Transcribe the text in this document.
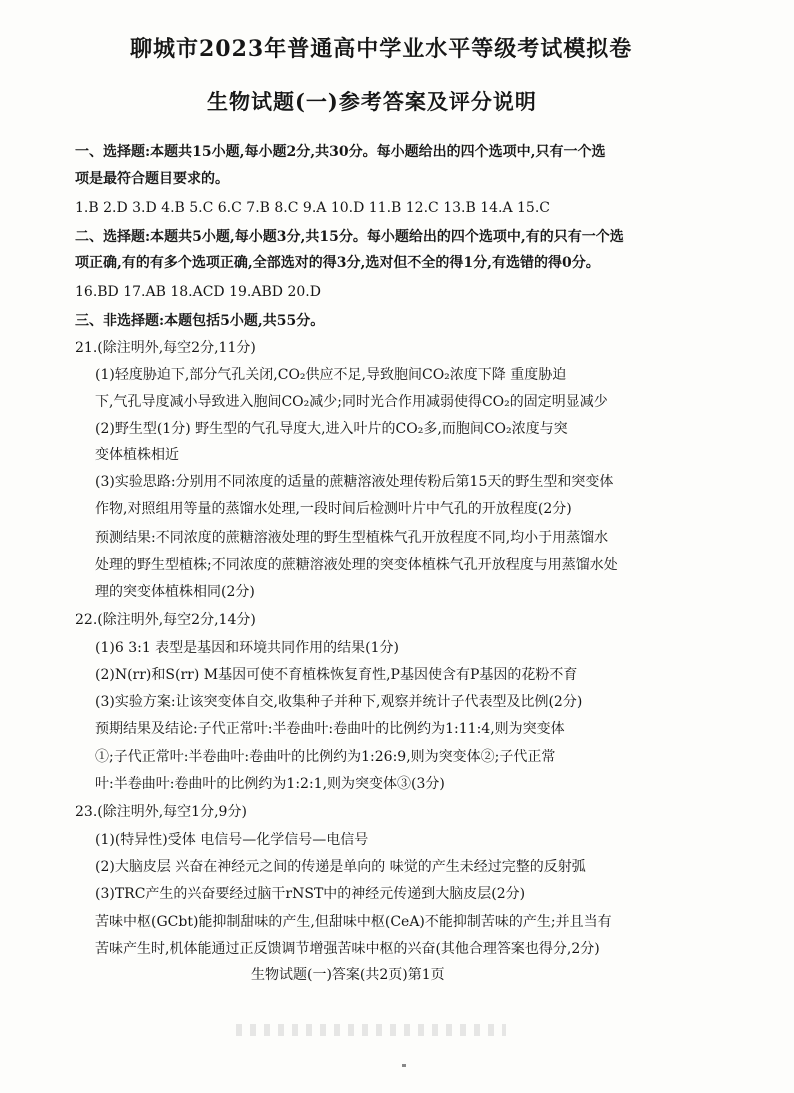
聊城市2023年普通高中学业水平等级考试模拟卷
生物试题(一)参考答案及评分说明
一、选择题:本题共15小题,每小题2分,共30分。每小题给出的四个选项中,只有一个选
项是最符合题目要求的。
1.B 2.D 3.D 4.B 5.C 6.C 7.B 8.C 9.A 10.D 11.B 12.C 13.B 14.A 15.C
二、选择题:本题共5小题,每小题3分,共15分。每小题给出的四个选项中,有的只有一个选
项正确,有的有多个选项正确,全部选对的得3分,选对但不全的得1分,有选错的得0分。
16.BD 17.AB 18.ACD 19.ABD 20.D
三、非选择题:本题包括5小题,共55分。
21.(除注明外,每空2分,11分)
(1)轻度胁迫下,部分气孔关闭,CO₂供应不足,导致胞间CO₂浓度下降 重度胁迫
下,气孔导度减小导致进入胞间CO₂减少;同时光合作用减弱使得CO₂的固定明显减少
(2)野生型(1分) 野生型的气孔导度大,进入叶片的CO₂多,而胞间CO₂浓度与突
变体植株相近
(3)实验思路:分别用不同浓度的适量的蔗糖溶液处理传粉后第15天的野生型和突变体
作物,对照组用等量的蒸馏水处理,一段时间后检测叶片中气孔的开放程度(2分)
预测结果:不同浓度的蔗糖溶液处理的野生型植株气孔开放程度不同,均小于用蒸馏水
处理的野生型植株;不同浓度的蔗糖溶液处理的突变体植株气孔开放程度与用蒸馏水处
理的突变体植株相同(2分)
22.(除注明外,每空2分,14分)
(1)6 3:1 表型是基因和环境共同作用的结果(1分)
(2)N(rr)和S(rr) M基因可使不育植株恢复育性,P基因使含有P基因的花粉不育
(3)实验方案:让该突变体自交,收集种子并种下,观察并统计子代表型及比例(2分)
预期结果及结论:子代正常叶:半卷曲叶:卷曲叶的比例约为1:11:4,则为突变体
①;子代正常叶:半卷曲叶:卷曲叶的比例约为1:26:9,则为突变体②;子代正常
叶:半卷曲叶:卷曲叶的比例约为1:2:1,则为突变体③(3分)
23.(除注明外,每空1分,9分)
(1)(特异性)受体 电信号—化学信号—电信号
(2)大脑皮层 兴奋在神经元之间的传递是单向的 味觉的产生未经过完整的反射弧
(3)TRC产生的兴奋要经过脑干rNST中的神经元传递到大脑皮层(2分)
苦味中枢(GCbt)能抑制甜味的产生,但甜味中枢(CeA)不能抑制苦味的产生;并且当有
苦味产生时,机体能通过正反馈调节增强苦味中枢的兴奋(其他合理答案也得分,2分)
生物试题(一)答案(共2页)第1页
